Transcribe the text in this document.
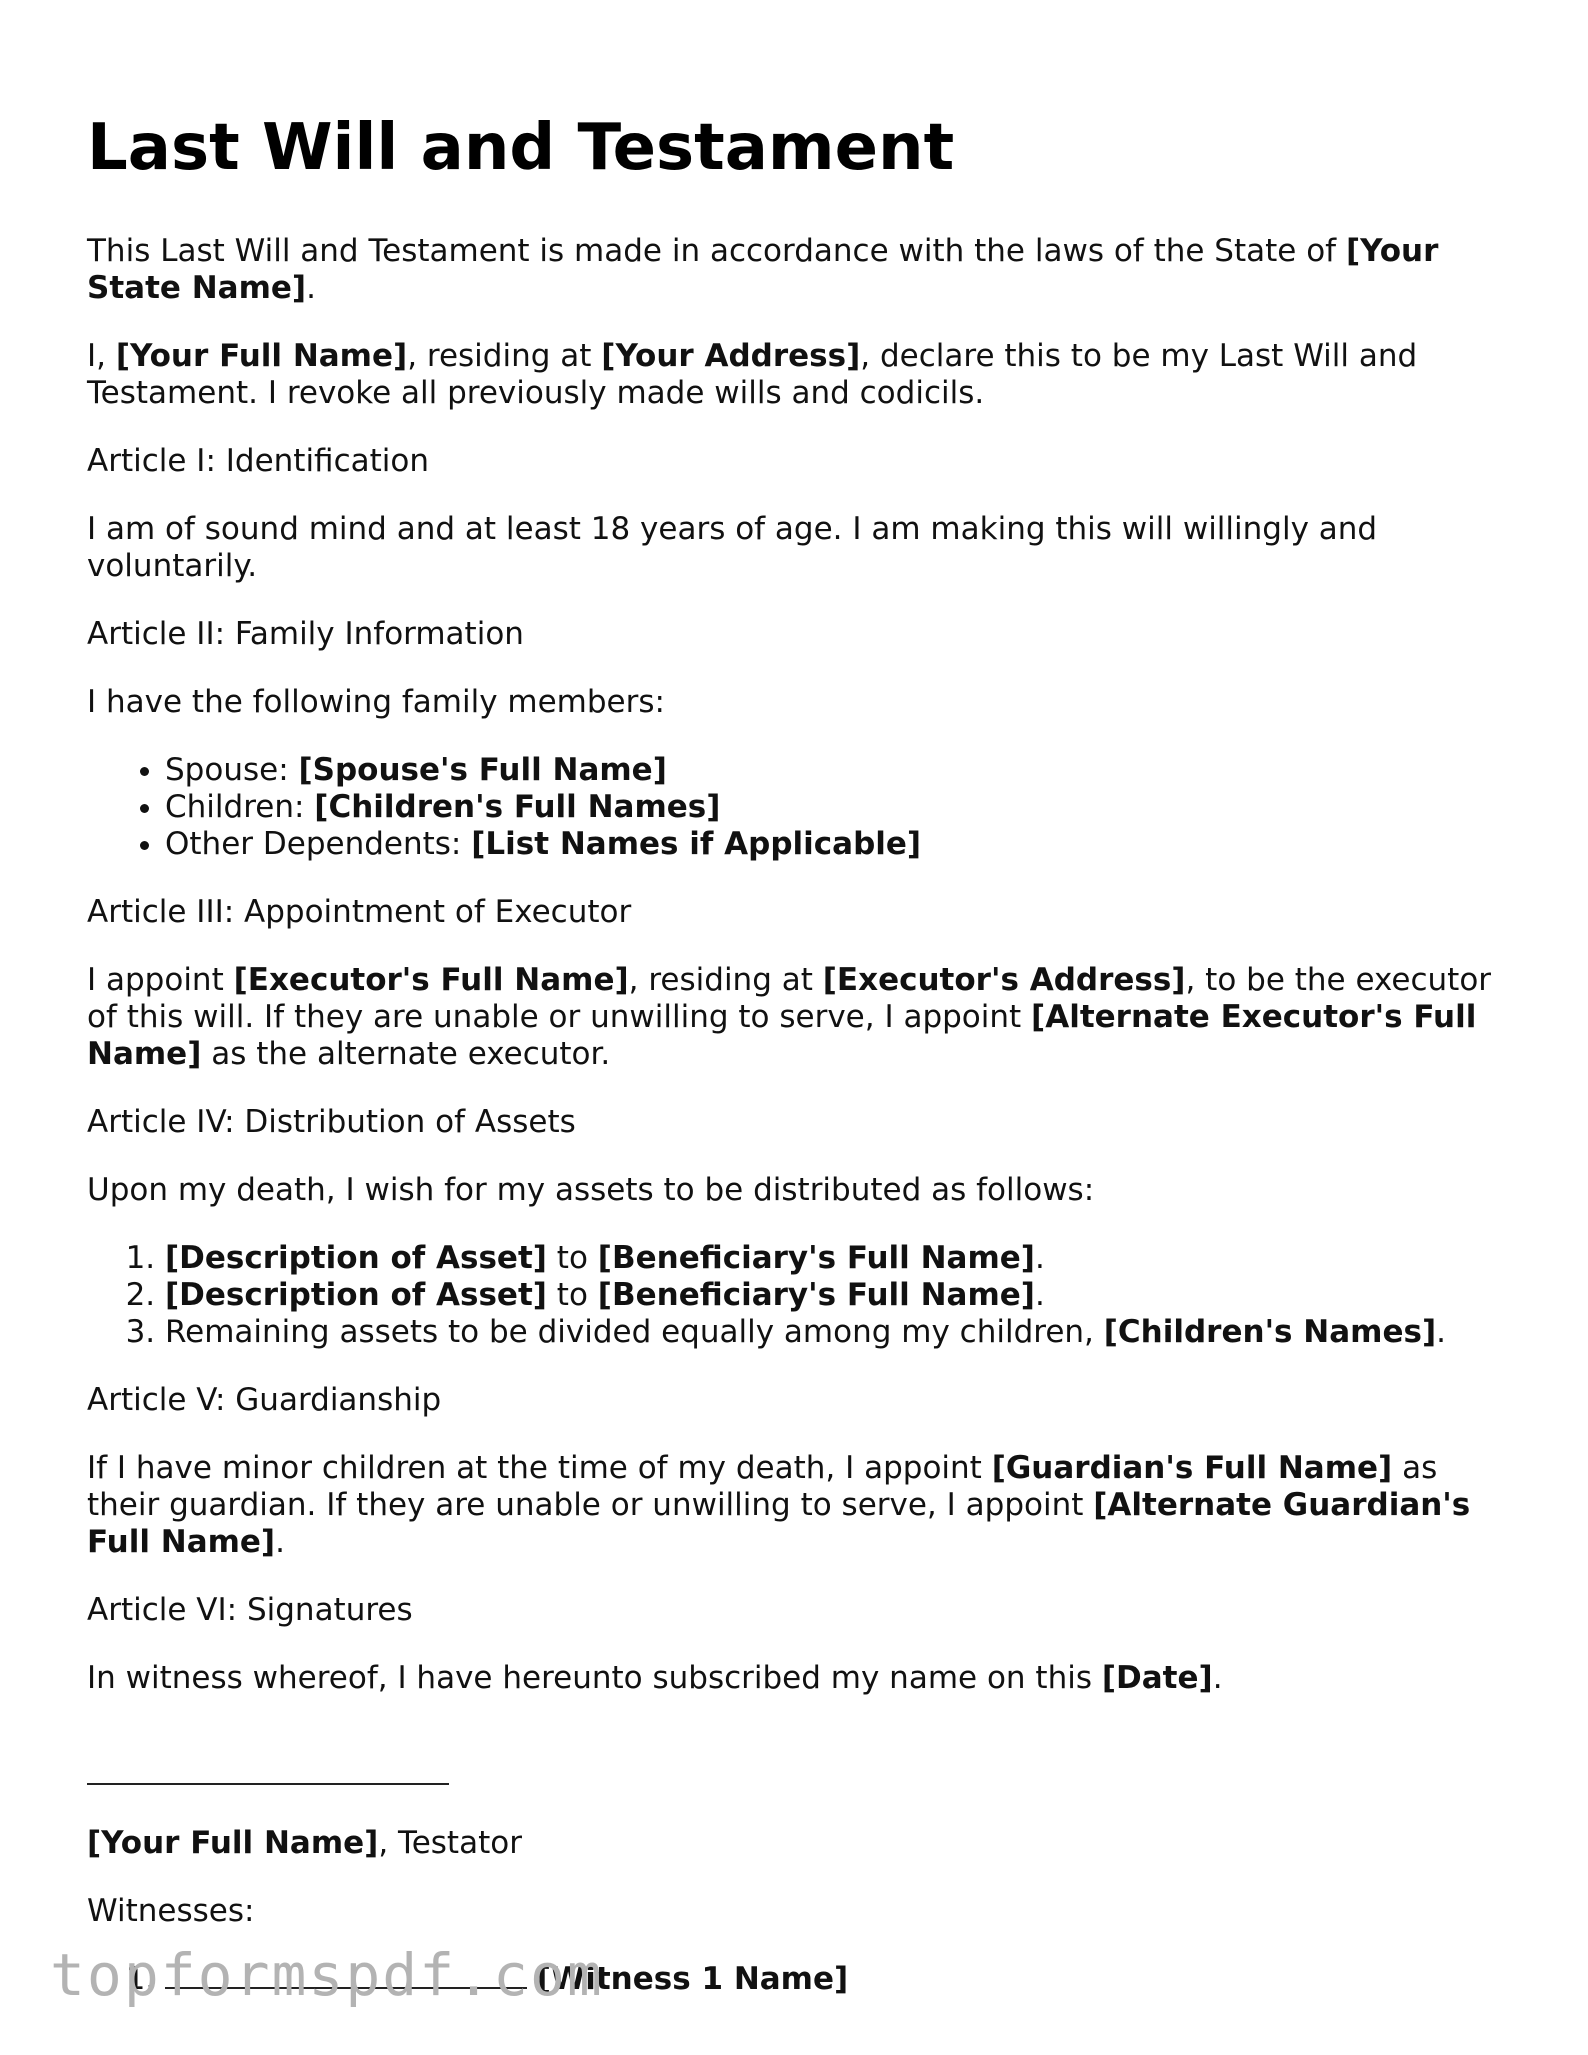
Last Will and Testament

This Last Will and Testament is made in accordance with the laws of the State of [Your State Name].

I, [Your Full Name], residing at [Your Address], declare this to be my Last Will and Testament. I revoke all previously made wills and codicils.

Article I: Identification

I am of sound mind and at least 18 years of age. I am making this will willingly and voluntarily.

Article II: Family Information

I have the following family members:

• Spouse: [Spouse's Full Name]
• Children: [Children's Full Names]
• Other Dependents: [List Names if Applicable]

Article III: Appointment of Executor

I appoint [Executor's Full Name], residing at [Executor's Address], to be the executor of this will. If they are unable or unwilling to serve, I appoint [Alternate Executor's Full Name] as the alternate executor.

Article IV: Distribution of Assets

Upon my death, I wish for my assets to be distributed as follows:

1. [Description of Asset] to [Beneficiary's Full Name].
2. [Description of Asset] to [Beneficiary's Full Name].
3. Remaining assets to be divided equally among my children, [Children's Names].

Article V: Guardianship

If I have minor children at the time of my death, I appoint [Guardian's Full Name] as their guardian. If they are unable or unwilling to serve, I appoint [Alternate Guardian's Full Name].

Article VI: Signatures

In witness whereof, I have hereunto subscribed my name on this [Date].

[Your Full Name], Testator

Witnesses:

1. [Witness 1 Name]
topformspdf.com
